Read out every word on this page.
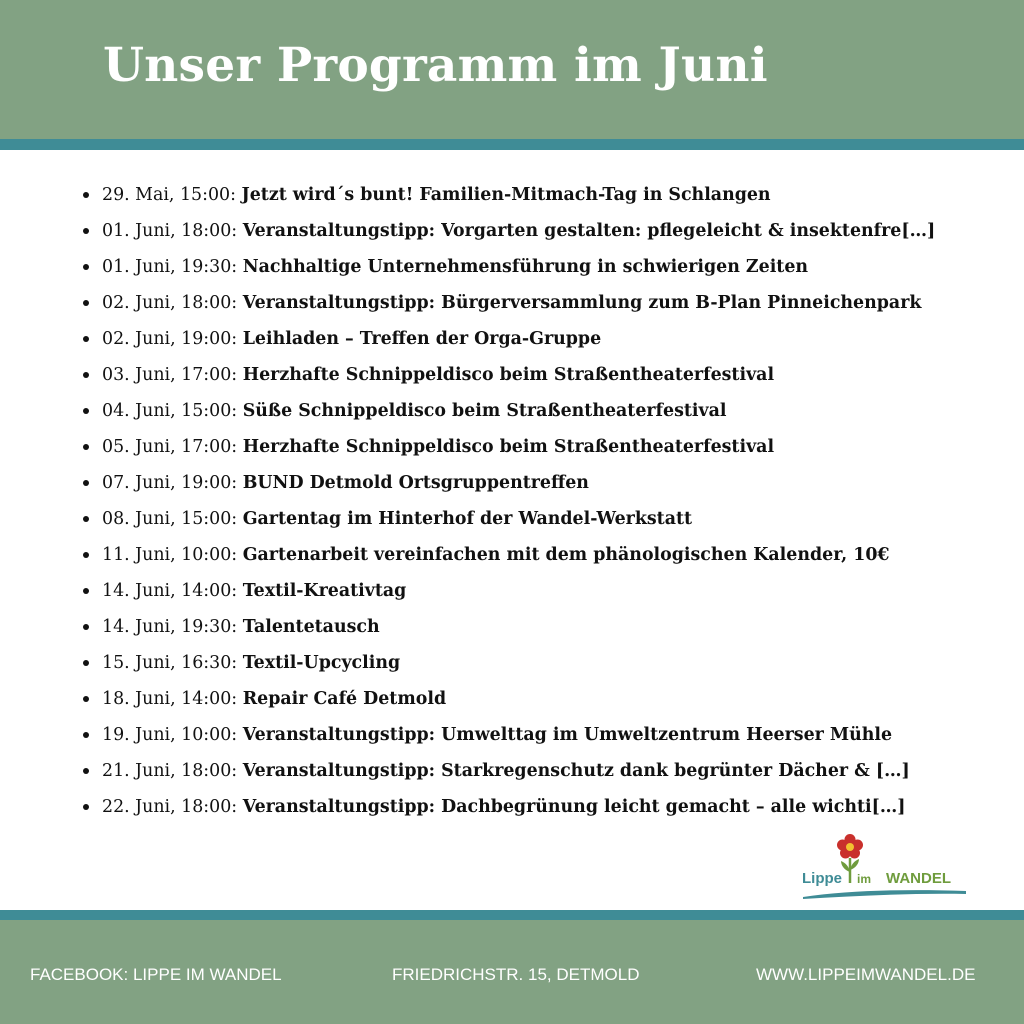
Unser Programm im Juni
29. Mai, 15:00: Jetzt wird´s bunt! Familien-Mitmach-Tag in Schlangen
01. Juni, 18:00: Veranstaltungstipp: Vorgarten gestalten: pflegeleicht & insektenfre[…]
01. Juni, 19:30: Nachhaltige Unternehmensführung in schwierigen Zeiten
02. Juni, 18:00: Veranstaltungstipp: Bürgerversammlung zum B-Plan Pinneichenpark
02. Juni, 19:00: Leihladen – Treffen der Orga-Gruppe
03. Juni, 17:00: Herzhafte Schnippeldisco beim Straßentheaterfestival
04. Juni, 15:00: Süße Schnippeldisco beim Straßentheaterfestival
05. Juni, 17:00: Herzhafte Schnippeldisco beim Straßentheaterfestival
07. Juni, 19:00: BUND Detmold Ortsgruppentreffen
08. Juni, 15:00: Gartentag im Hinterhof der Wandel-Werkstatt
11. Juni, 10:00: Gartenarbeit vereinfachen mit dem phänologischen Kalender, 10€
14. Juni, 14:00: Textil-Kreativtag
14. Juni, 19:30: Talentetausch
15. Juni, 16:30: Textil-Upcycling
18. Juni, 14:00: Repair Café Detmold
19. Juni, 10:00: Veranstaltungstipp: Umwelttag im Umweltzentrum Heerser Mühle
21. Juni, 18:00: Veranstaltungstipp: Starkregenschutz dank begrünter Dächer & […]
22. Juni, 18:00: Veranstaltungstipp: Dachbegrünung leicht gemacht – alle wichti[…]
Lippe im WANDEL
FACEBOOK: LIPPE IM WANDEL	FRIEDRICHSTR. 15, DETMOLD	WWW.LIPPEIMWANDEL.DE
